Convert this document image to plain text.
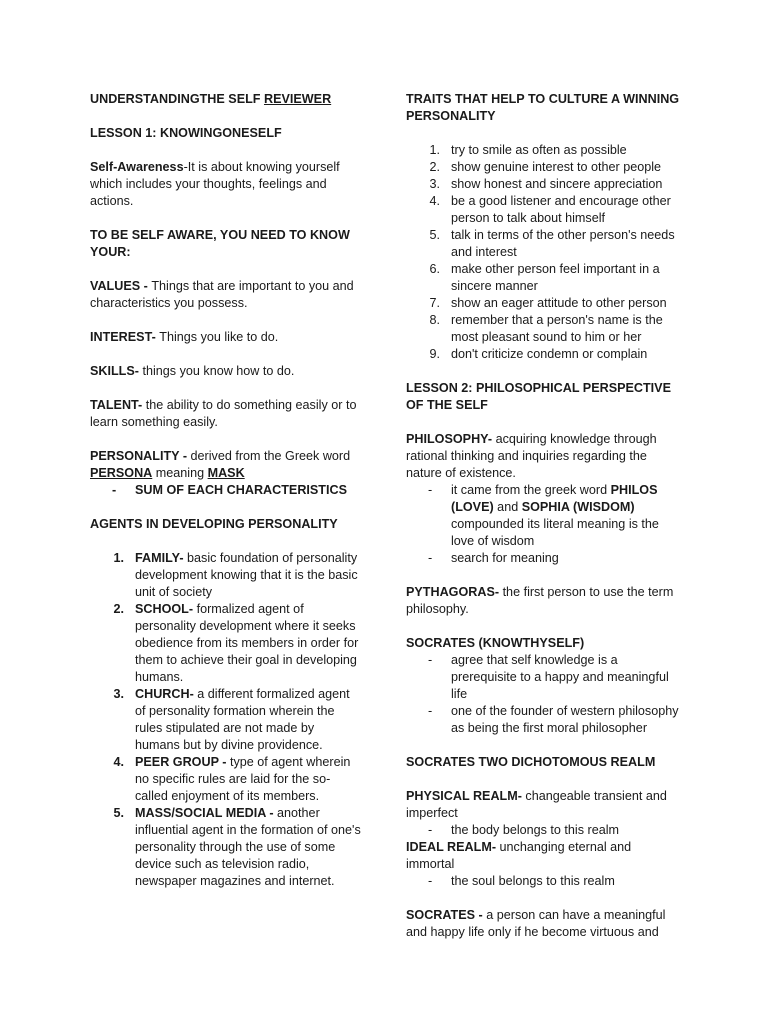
UNDERSTANDINGTHE SELF REVIEWER

LESSON 1: KNOWINGONESELF

Self-Awareness-It is about knowing yourself which includes your thoughts, feelings and actions.

TO BE SELF AWARE, YOU NEED TO KNOW YOUR:

VALUES - Things that are important to you and characteristics you possess.

INTEREST- Things you like to do.

SKILLS- things you know how to do.

TALENT- the ability to do something easily or to learn something easily.

PERSONALITY - derived from the Greek word PERSONA meaning MASK
- SUM OF EACH CHARACTERISTICS

AGENTS IN DEVELOPING PERSONALITY

1. FAMILY- basic foundation of personality development knowing that it is the basic unit of society
2. SCHOOL- formalized agent of personality development where it seeks obedience from its members in order for them to achieve their goal in developing humans.
3. CHURCH- a different formalized agent of personality formation wherein the rules stipulated are not made by humans but by divine providence.
4. PEER GROUP - type of agent wherein no specific rules are laid for the so-called enjoyment of its members.
5. MASS/SOCIAL MEDIA - another influential agent in the formation of one's personality through the use of some device such as television radio, newspaper magazines and internet.

TRAITS THAT HELP TO CULTURE A WINNING PERSONALITY

1. try to smile as often as possible
2. show genuine interest to other people
3. show honest and sincere appreciation
4. be a good listener and encourage other person to talk about himself
5. talk in terms of the other person's needs and interest
6. make other person feel important in a sincere manner
7. show an eager attitude to other person
8. remember that a person's name is the most pleasant sound to him or her
9. don't criticize condemn or complain

LESSON 2: PHILOSOPHICAL PERSPECTIVE OF THE SELF

PHILOSOPHY- acquiring knowledge through rational thinking and inquiries regarding the nature of existence.
- it came from the greek word PHILOS (LOVE) and SOPHIA (WISDOM) compounded its literal meaning is the love of wisdom
- search for meaning

PYTHAGORAS- the first person to use the term philosophy.

SOCRATES (KNOWTHYSELF)
- agree that self knowledge is a prerequisite to a happy and meaningful life
- one of the founder of western philosophy as being the first moral philosopher

SOCRATES TWO DICHOTOMOUS REALM

PHYSICAL REALM- changeable transient and imperfect
- the body belongs to this realm
IDEAL REALM- unchanging eternal and immortal
- the soul belongs to this realm

SOCRATES - a person can have a meaningful and happy life only if he become virtuous and
